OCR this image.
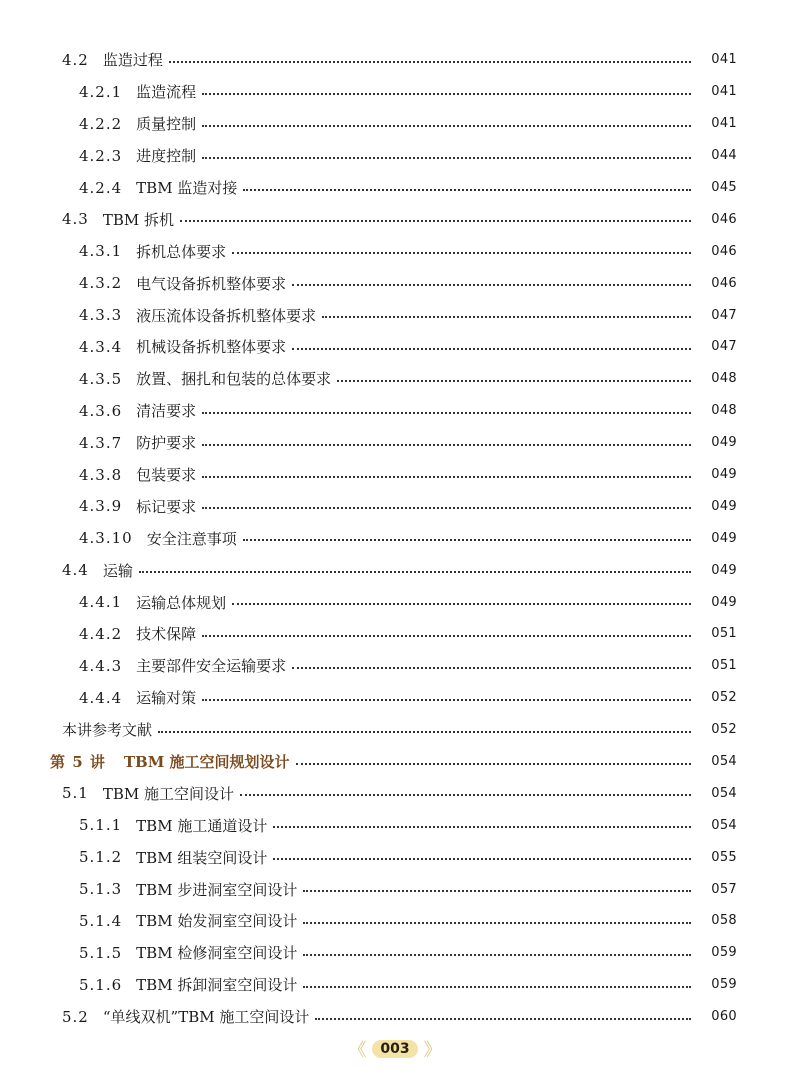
4.2 监造过程	041
4.2.1 监造流程	041
4.2.2 质量控制	041
4.2.3 进度控制	044
4.2.4 TBM 监造对接	045
4.3 TBM 拆机	046
4.3.1 拆机总体要求	046
4.3.2 电气设备拆机整体要求	046
4.3.3 液压流体设备拆机整体要求	047
4.3.4 机械设备拆机整体要求	047
4.3.5 放置、捆扎和包装的总体要求	048
4.3.6 清洁要求	048
4.3.7 防护要求	049
4.3.8 包装要求	049
4.3.9 标记要求	049
4.3.10 安全注意事项	049
4.4 运输	049
4.4.1 运输总体规划	049
4.4.2 技术保障	051
4.4.3 主要部件安全运输要求	051
4.4.4 运输对策	052
本讲参考文献	052
第 5 讲	TBM 施工空间规划设计	054
5.1 TBM 施工空间设计	054
5.1.1 TBM 施工通道设计	054
5.1.2 TBM 组装空间设计	055
5.1.3 TBM 步进洞室空间设计	057
5.1.4 TBM 始发洞室空间设计	058
5.1.5 TBM 检修洞室空间设计	059
5.1.6 TBM 拆卸洞室空间设计	059
5.2 “单线双机”TBM 施工空间设计	060
《	003 》
